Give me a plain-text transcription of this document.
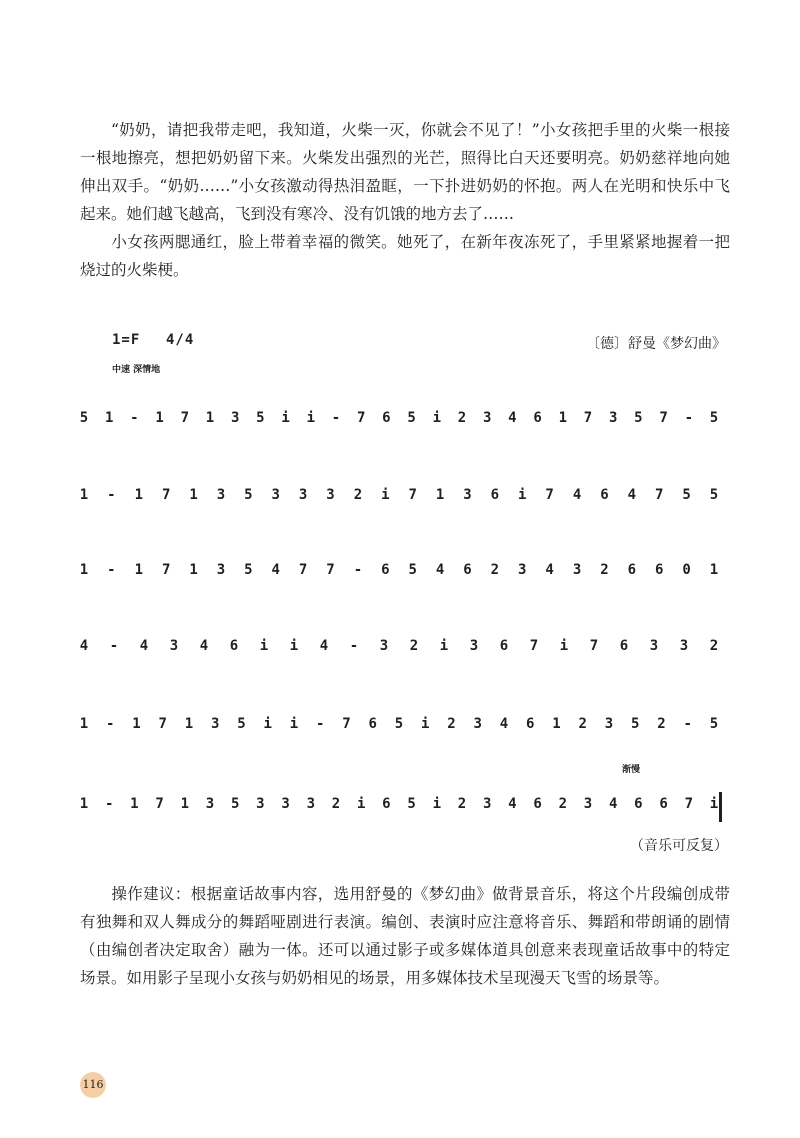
“奶奶，请把我带走吧，我知道，火柴一灭，你就会不见了！”小女孩把手里的火柴一根接一根地擦亮，想把奶奶留下来。火柴发出强烈的光芒，照得比白天还要明亮。奶奶慈祥地向她伸出双手。“奶奶……”小女孩激动得热泪盈眶，一下扑进奶奶的怀抱。两人在光明和快乐中飞起来。她们越飞越高，飞到没有寒冷、没有饥饿的地方去了……

小女孩两腮通红，脸上带着幸福的微笑。她死了，在新年夜冻死了，手里紧紧地握着一把烧过的火柴梗。

1=F 4/4
中速 深情地
〔德〕舒曼《梦幻曲》
5 1 - 1 7 1 3 5 i i - 7 6 5 i 2 3 4 6 1 7 3 5 7 - 5
1 - 1 7 1 3 5 3 3 3 2 i 7 1 3 6 i 7 4 6 4 7 5 5
1 - 1 7 1 3 5 4 7 7 - 6 5 4 6 2 3 4 3 2 6 6 0 1
4 - 4 3 4 6 i i 4 - 3 2 i 3 6 7 i 7 6 3 3 2
1 - 1 7 1 3 5 i i - 7 6 5 i 2 3 4 6 1 2 3 5 2 - 5
渐慢
1 - 1 7 1 3 5 3 3 3 2 i 6 5 i 2 3 4 6 2 3 4 6 6 7 i
（音乐可反复）

操作建议：根据童话故事内容，选用舒曼的《梦幻曲》做背景音乐，将这个片段编创成带有独舞和双人舞成分的舞蹈哑剧进行表演。编创、表演时应注意将音乐、舞蹈和带朗诵的剧情（由编创者决定取舍）融为一体。还可以通过影子或多媒体道具创意来表现童话故事中的特定场景。如用影子呈现小女孩与奶奶相见的场景，用多媒体技术呈现漫天飞雪的场景等。

116
